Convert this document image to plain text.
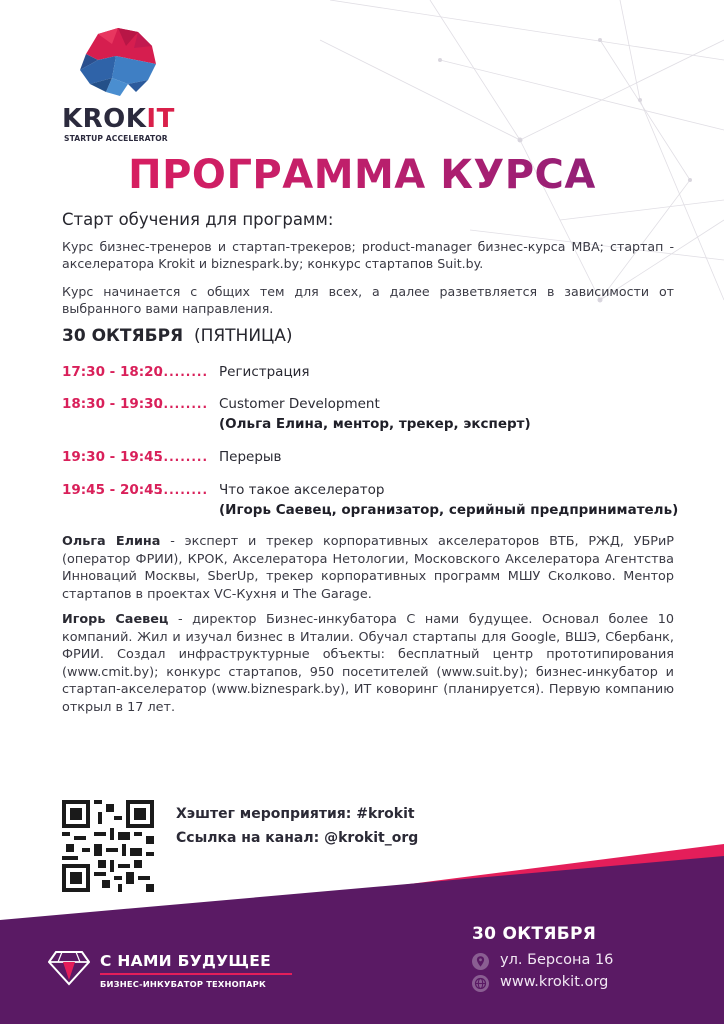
KROKIT
STARTUP ACCELERATOR
ПРОГРАММА КУРСА
Старт обучения для программ:

Курс бизнес-тренеров и стартап-трекеров; product-manager бизнес-курса MBA; стартап - акселератора Krokit и biznespark.by; конкурс стартапов Suit.by.

Курс начинается с общих тем для всех, а далее разветвляется в зависимости от выбранного вами направления.

30 ОКТЯБРЯ (ПЯТНИЦА)
17:30 - 18:20
......... Регистрация
18:30 - 19:30
......... Customer Development
(Ольга Елина, ментор, трекер, эксперт)
19:30 - 19:45
......... Перерыв
19:45 - 20:45
......... Что такое акселератор
(Игорь Саевец, организатор, серийный предприниматель)

Ольга Елина - эксперт и трекер корпоративных акселераторов ВТБ, РЖД, УБРиР (оператор ФРИИ), КРОК, Акселератора Нетологии, Московского Акселератора Агентства Инноваций Москвы, SberUp, трекер корпоративных программ МШУ Сколково. Ментор стартапов в проектах VC-Кухня и The Garage.

Игорь Саевец - директор Бизнес-инкубатора С нами будущее. Основал более 10 компаний. Жил и изучал бизнес в Италии. Обучал стартапы для Google, ВШЭ, Сбербанк, ФРИИ. Создал инфраструктурные объекты: бесплатный центр прототипирования (www.cmit.by); конкурс стартапов, 950 посетителей (www.suit.by); бизнес-инкубатор и стартап-акселератор (www.biznespark.by), ИТ коворинг (планируется). Первую компанию открыл в 17 лет.

Хэштег мероприятия: #krokit
Ссылка на канал: @krokit_org
С НАМИ БУДУЩЕЕ
БИЗНЕС-ИНКУБАТОР ТЕХНОПАРК
30 ОКТЯБРЯ
ул. Берсона 16
www.krokit.org
